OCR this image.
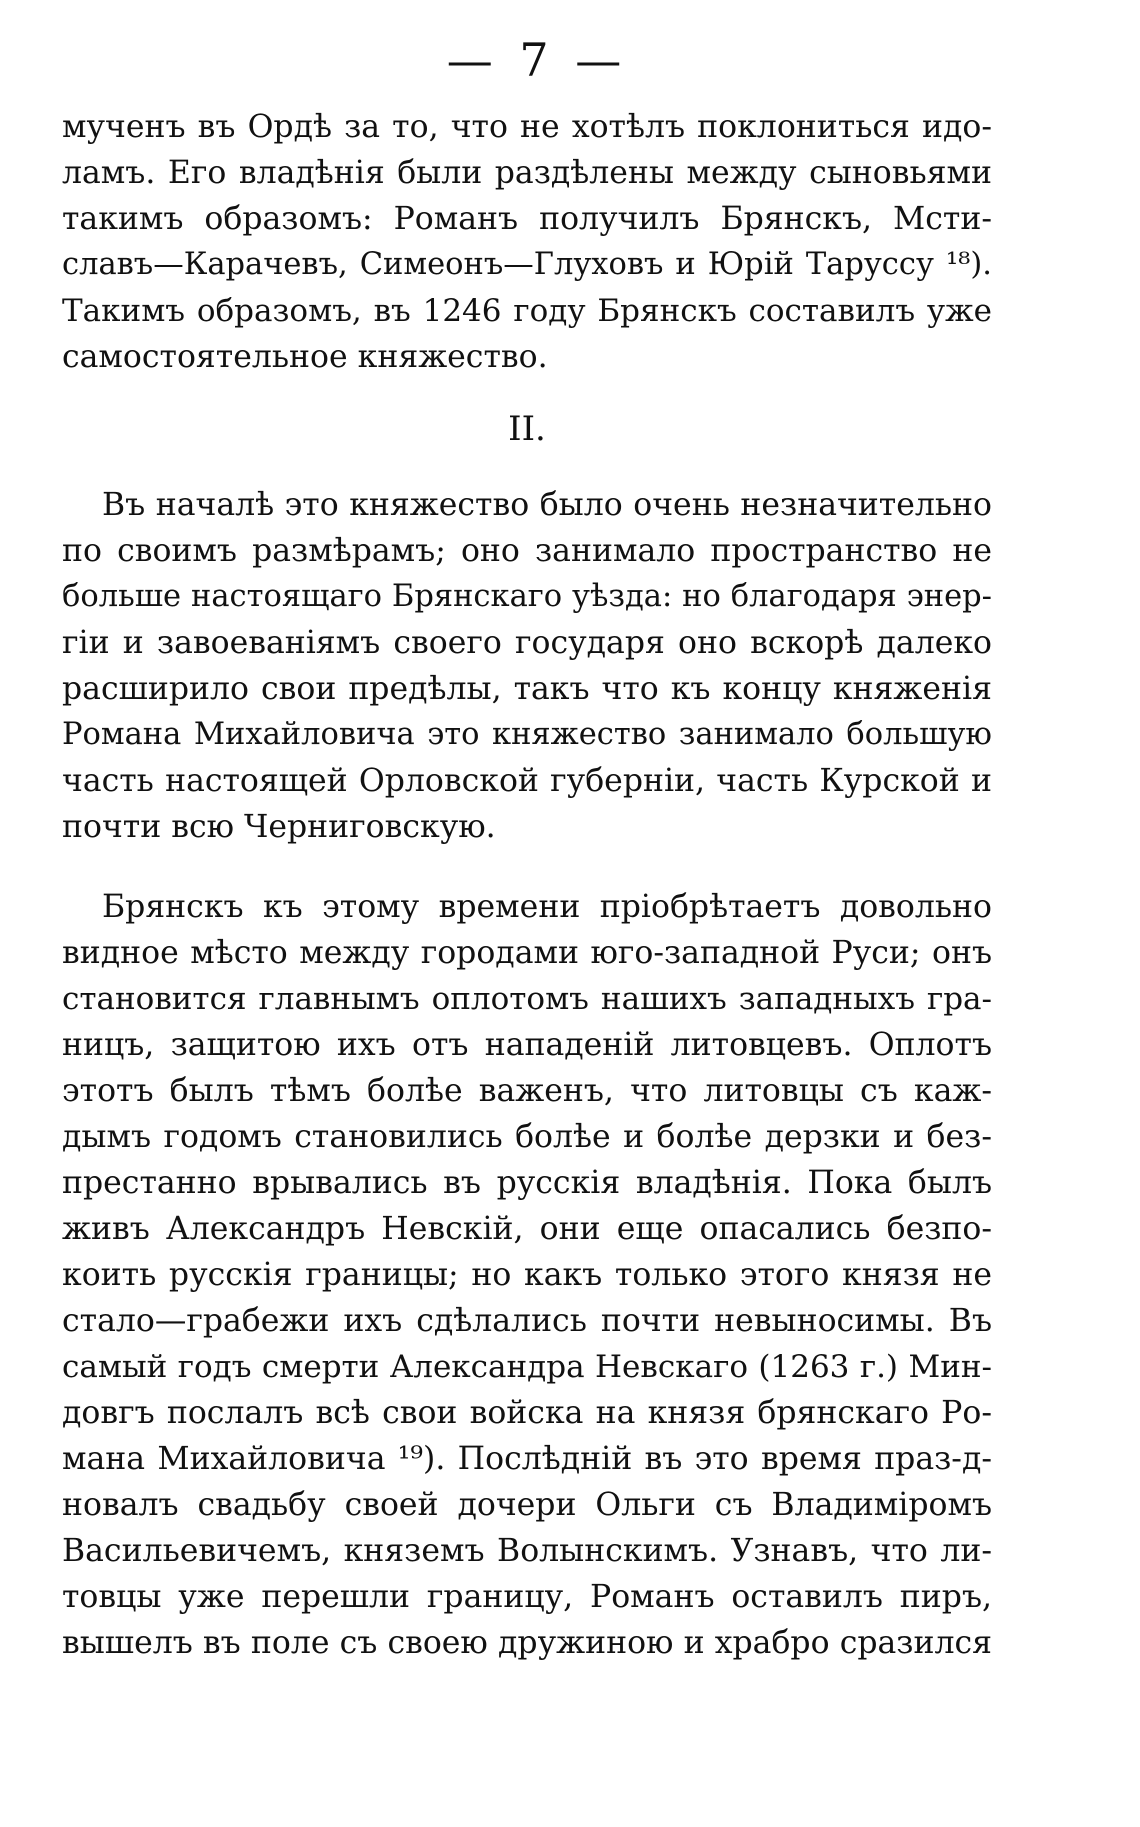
— 7 —
мученъ въ Ордѣ за то, что не хотѣлъ поклониться идо-
ламъ. Его владѣнія были раздѣлены между сыновьями
такимъ образомъ: Романъ получилъ Брянскъ, Мсти-
славъ—Карачевъ, Симеонъ—Глуховъ и Юрій Таруссу ¹⁸).
Такимъ образомъ, въ 1246 году Брянскъ составилъ уже
самостоятельное княжество.
II.
Въ началѣ это княжество было очень незначительно
по своимъ размѣрамъ; оно занимало пространство не
больше настоящаго Брянскаго уѣзда: но благодаря энер-
гіи и завоеваніямъ своего государя оно вскорѣ далеко
расширило свои предѣлы, такъ что къ концу княженія
Романа Михайловича это княжество занимало большую
часть настоящей Орловской губерніи, часть Курской и
почти всю Черниговскую.
Брянскъ къ этому времени пріобрѣтаетъ довольно
видное мѣсто между городами юго-западной Руси; онъ
становится главнымъ оплотомъ нашихъ западныхъ гра-
ницъ, защитою ихъ отъ нападеній литовцевъ. Оплотъ
этотъ былъ тѣмъ болѣе важенъ, что литовцы съ каж-
дымъ годомъ становились болѣе и болѣе дерзки и без-
престанно врывались въ русскія владѣнія. Пока былъ
живъ Александръ Невскій, они еще опасались безпо-
коить русскія границы; но какъ только этого князя не
стало—грабежи ихъ сдѣлались почти невыносимы. Въ
самый годъ смерти Александра Невскаго (1263 г.) Мин-
довгъ послалъ всѣ свои войска на князя брянскаго Ро-
мана Михайловича ¹⁹). Послѣдній въ это время праз-д-
новалъ свадьбу своей дочери Ольги съ Владиміромъ
Васильевичемъ, княземъ Волынскимъ. Узнавъ, что ли-
товцы уже перешли границу, Романъ оставилъ пиръ,
вышелъ въ поле съ своею дружиною и храбро сразился
